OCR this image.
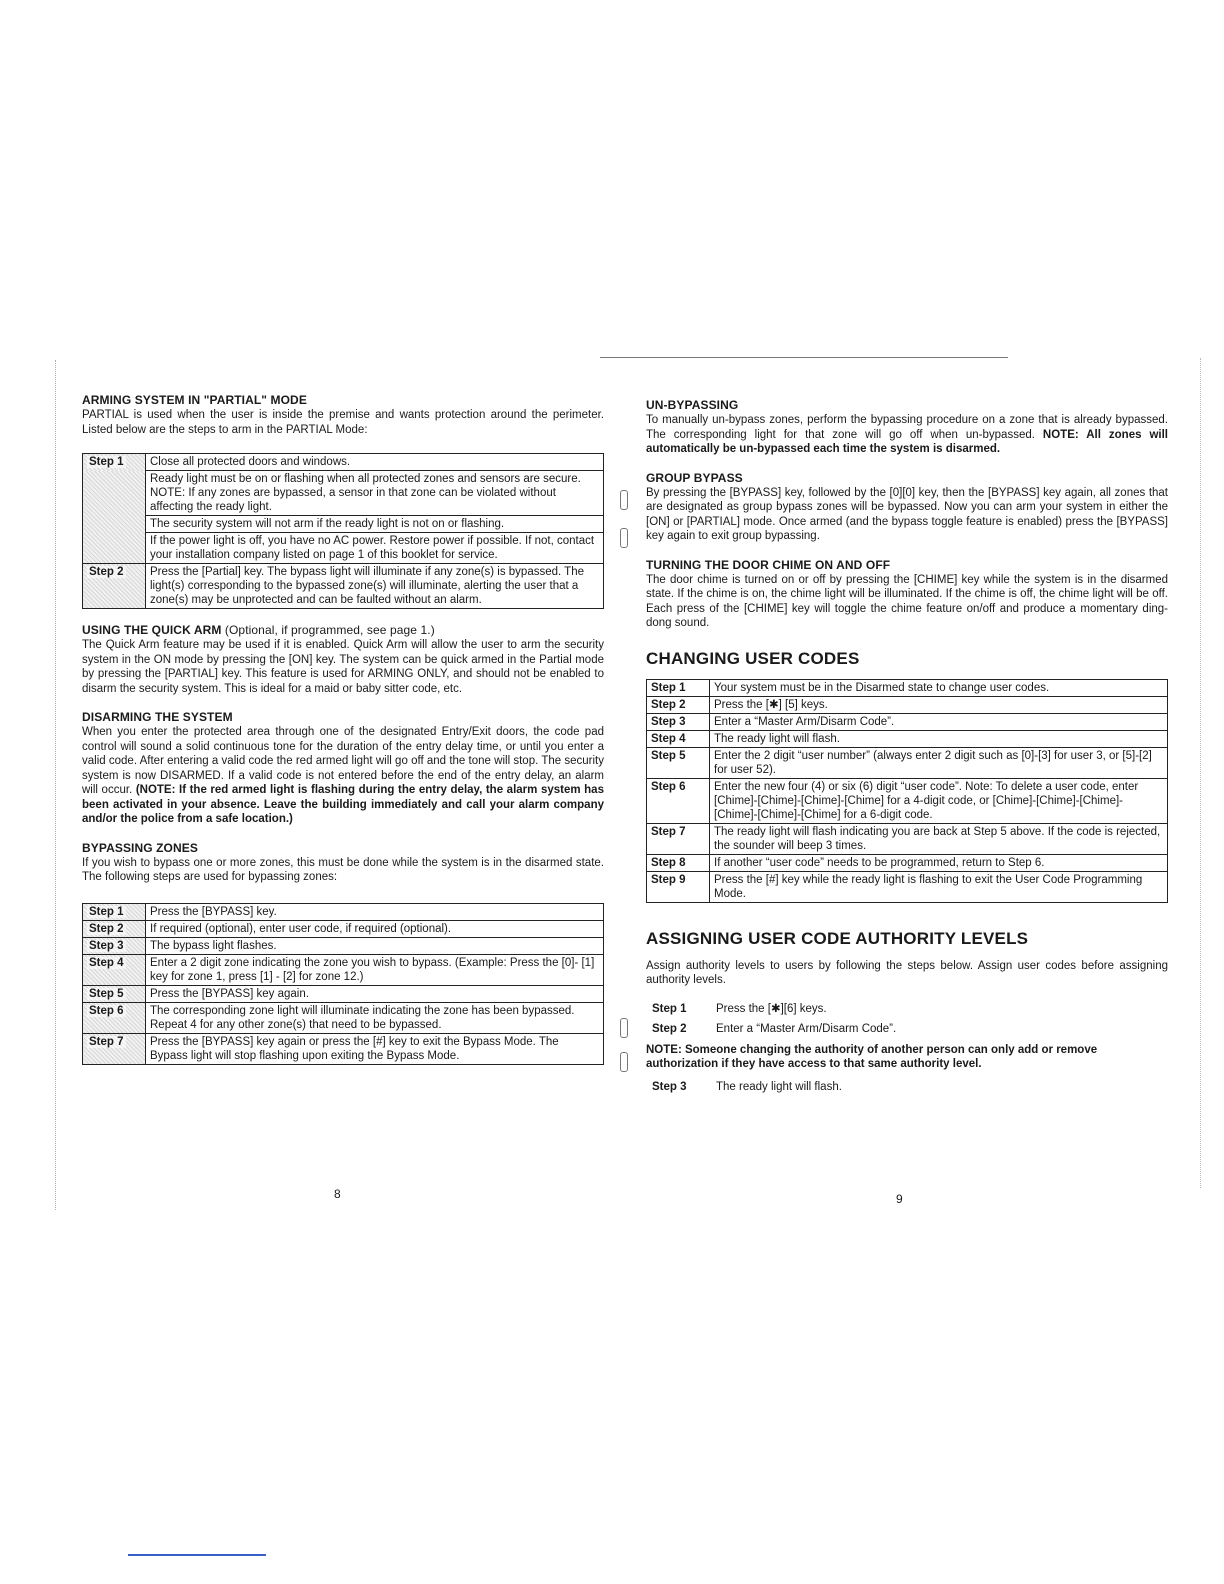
ARMING SYSTEM IN "PARTIAL" MODE

PARTIAL is used when the user is inside the premise and wants protection around the perimeter. Listed below are the steps to arm in the PARTIAL Mode:

Step 1	Close all protected doors and windows.
	Ready light must be on or flashing when all protected zones and sensors are secure. NOTE: If any zones are bypassed, a sensor in that zone can be violated without affecting the ready light.
	The security system will not arm if the ready light is not on or flashing.
	If the power light is off, you have no AC power. Restore power if possible. If not, contact your installation company listed on page 1 of this booklet for service.
Step 2	Press the [Partial] key. The bypass light will illuminate if any zone(s) is bypassed. The light(s) corresponding to the bypassed zone(s) will illuminate, alerting the user that a zone(s) may be unprotected and can be faulted without an alarm.
USING THE QUICK ARM (Optional, if programmed, see page 1.)

The Quick Arm feature may be used if it is enabled. Quick Arm will allow the user to arm the security system in the ON mode by pressing the [ON] key. The system can be quick armed in the Partial mode by pressing the [PARTIAL] key. This feature is used for ARMING ONLY, and should not be enabled to disarm the security system. This is ideal for a maid or baby sitter code, etc.

DISARMING THE SYSTEM

When you enter the protected area through one of the designated Entry/Exit doors, the code pad control will sound a solid continuous tone for the duration of the entry delay time, or until you enter a valid code. After entering a valid code the red armed light will go off and the tone will stop. The security system is now DISARMED. If a valid code is not entered before the end of the entry delay, an alarm will occur. (NOTE: If the red armed light is flashing during the entry delay, the alarm system has been activated in your absence. Leave the building immediately and call your alarm company and/or the police from a safe location.)

BYPASSING ZONES

If you wish to bypass one or more zones, this must be done while the system is in the disarmed state. The following steps are used for bypassing zones:

Step 1	Press the [BYPASS] key.
Step 2	If required (optional), enter user code, if required (optional).
Step 3	The bypass light flashes.
Step 4	Enter a 2 digit zone indicating the zone you wish to bypass. (Example: Press the [0]- [1] key for zone 1, press [1] - [2] for zone 12.)
Step 5	Press the [BYPASS] key again.
Step 6	The corresponding zone light will illuminate indicating the zone has been bypassed. Repeat 4 for any other zone(s) that need to be bypassed.
Step 7	Press the [BYPASS] key again or press the [#] key to exit the Bypass Mode. The Bypass light will stop flashing upon exiting the Bypass Mode.
8
UN-BYPASSING

To manually un-bypass zones, perform the bypassing procedure on a zone that is already bypassed. The corresponding light for that zone will go off when un-bypassed. NOTE: All zones will automatically be un-bypassed each time the system is disarmed.

GROUP BYPASS

By pressing the [BYPASS] key, followed by the [0][0] key, then the [BYPASS] key again, all zones that are designated as group bypass zones will be bypassed. Now you can arm your system in either the [ON] or [PARTIAL] mode. Once armed (and the bypass toggle feature is enabled) press the [BYPASS] key again to exit group bypassing.

TURNING THE DOOR CHIME ON AND OFF

The door chime is turned on or off by pressing the [CHIME] key while the system is in the disarmed state. If the chime is on, the chime light will be illuminated. If the chime is off, the chime light will be off. Each press of the [CHIME] key will toggle the chime feature on/off and produce a momentary ding-dong sound.

CHANGING USER CODES
Step 1	Your system must be in the Disarmed state to change user codes.
Step 2	Press the [✱] [5] keys.
Step 3	Enter a “Master Arm/Disarm Code”.
Step 4	The ready light will flash.
Step 5	Enter the 2 digit “user number” (always enter 2 digit such as [0]-[3] for user 3, or [5]-[2] for user 52).
Step 6	Enter the new four (4) or six (6) digit “user code”. Note: To delete a user code, enter [Chime]-[Chime]-[Chime]-[Chime] for a 4-digit code, or [Chime]-[Chime]-[Chime]-[Chime]-[Chime]-[Chime] for a 6-digit code.
Step 7	The ready light will flash indicating you are back at Step 5 above. If the code is rejected, the sounder will beep 3 times.
Step 8	If another “user code” needs to be programmed, return to Step 6.
Step 9	Press the [#] key while the ready light is flashing to exit the User Code Programming Mode.
ASSIGNING USER CODE AUTHORITY LEVELS

Assign authority levels to users by following the steps below. Assign user codes before assigning authority levels.

Step 1	Press the [✱][6] keys.
Step 2	Enter a “Master Arm/Disarm Code”.
NOTE: Someone changing the authority of another person can only add or remove authorization if they have access to that same authority level.
Step 3	The ready light will flash.
9
